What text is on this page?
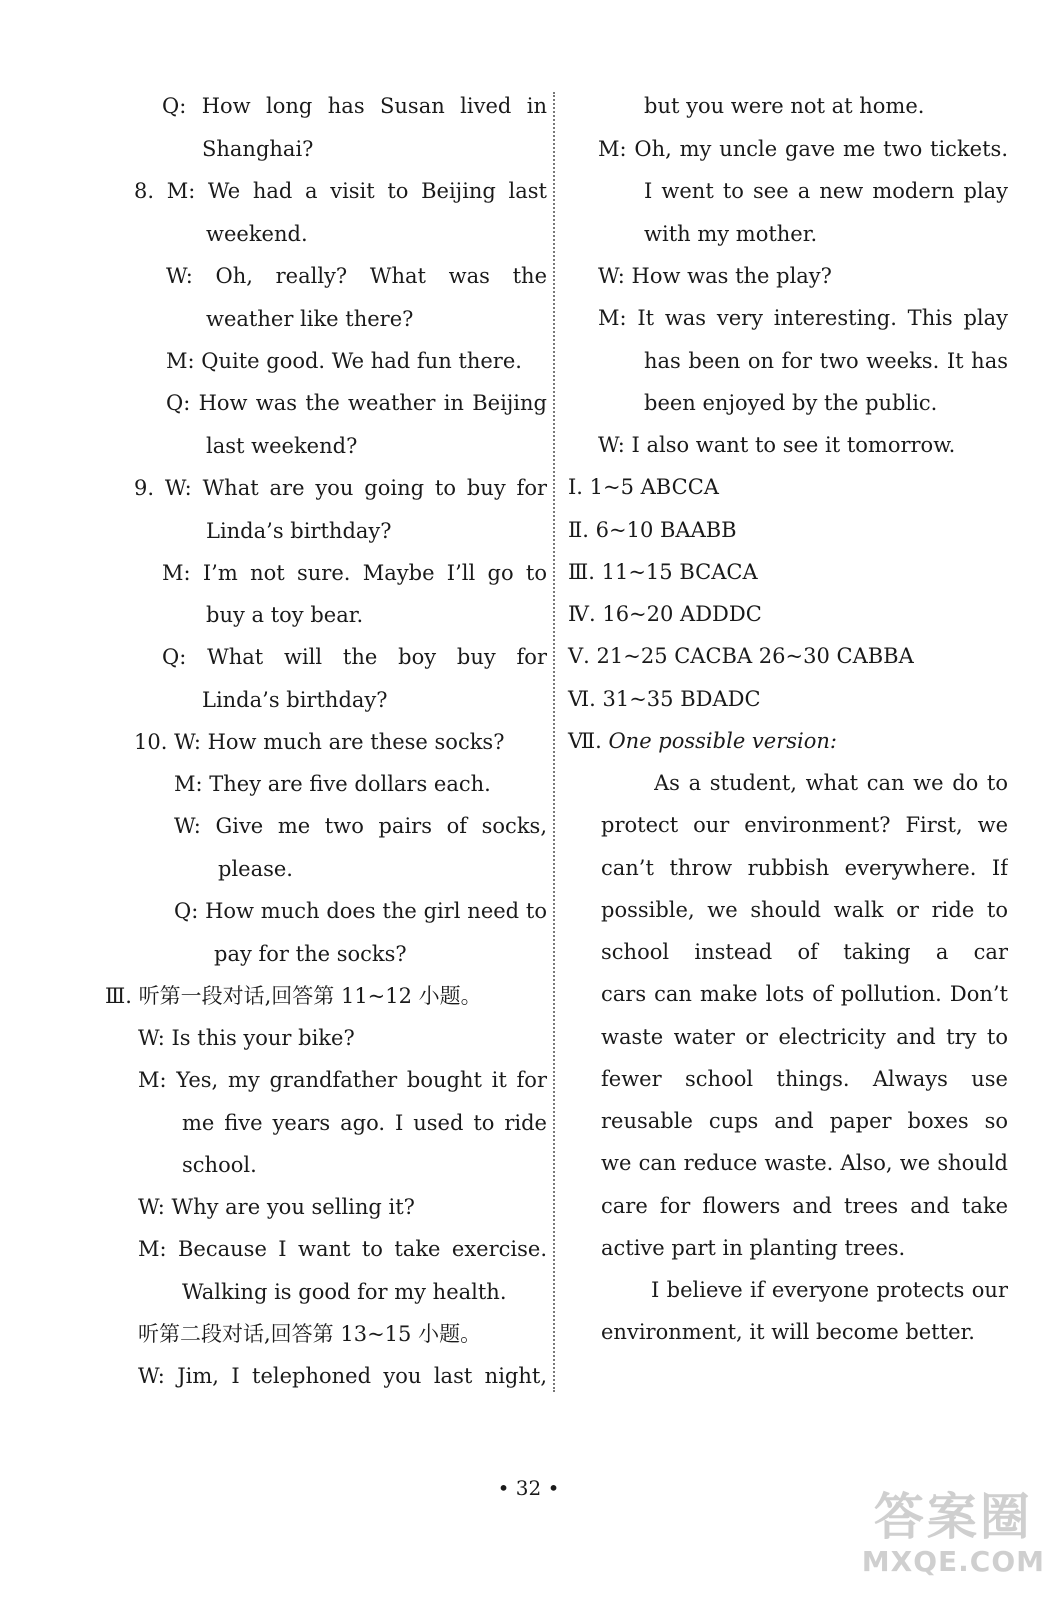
Q: How long has Susan lived in
Shanghai?
8. M: We had a visit to Beijing last
weekend.
W: Oh, really? What was the
weather like there?
M: Quite good. We had fun there.
Q: How was the weather in Beijing
last weekend?
9. W: What are you going to buy for
Linda’s birthday?
M: I’m not sure. Maybe I’ll go to
buy a toy bear.
Q: What will the boy buy for
Linda’s birthday?
10. W: How much are these socks?
M: They are five dollars each.
W: Give me two pairs of socks,
please.
Q: How much does the girl need to
pay for the socks?
Ⅲ. 听第一段对话,回答第 11~12 小题。
W: Is this your bike?
M: Yes, my grandfather bought it for
me five years ago. I used to ride
school.
W: Why are you selling it?
M: Because I want to take exercise.
Walking is good for my health.
听第二段对话,回答第 13~15 小题。
W: Jim, I telephoned you last night,
but you were not at home.
M: Oh, my uncle gave me two tickets.
I went to see a new modern play
with my mother.
W: How was the play?
M: It was very interesting. This play
has been on for two weeks. It has
been enjoyed by the public.
W: I also want to see it tomorrow.
Ⅰ. 1~5 ABCCA
Ⅱ. 6~10 BAABB
Ⅲ. 11~15 BCACA
Ⅳ. 16~20 ADDDC
Ⅴ. 21~25 CACBA 26~30 CABBA
Ⅵ. 31~35 BDADC
Ⅶ. One possible version:
As a student, what can we do to
protect our environment? First, we
can’t throw rubbish everywhere. If
possible, we should walk or ride to
school instead of taking a car
cars can make lots of pollution. Don’t
waste water or electricity and try to
fewer school things. Always use
reusable cups and paper boxes so
we can reduce waste. Also, we should
care for flowers and trees and take
active part in planting trees.
I believe if everyone protects our
environment, it will become better.
• 32 •	答案圈
MXQE.COM
